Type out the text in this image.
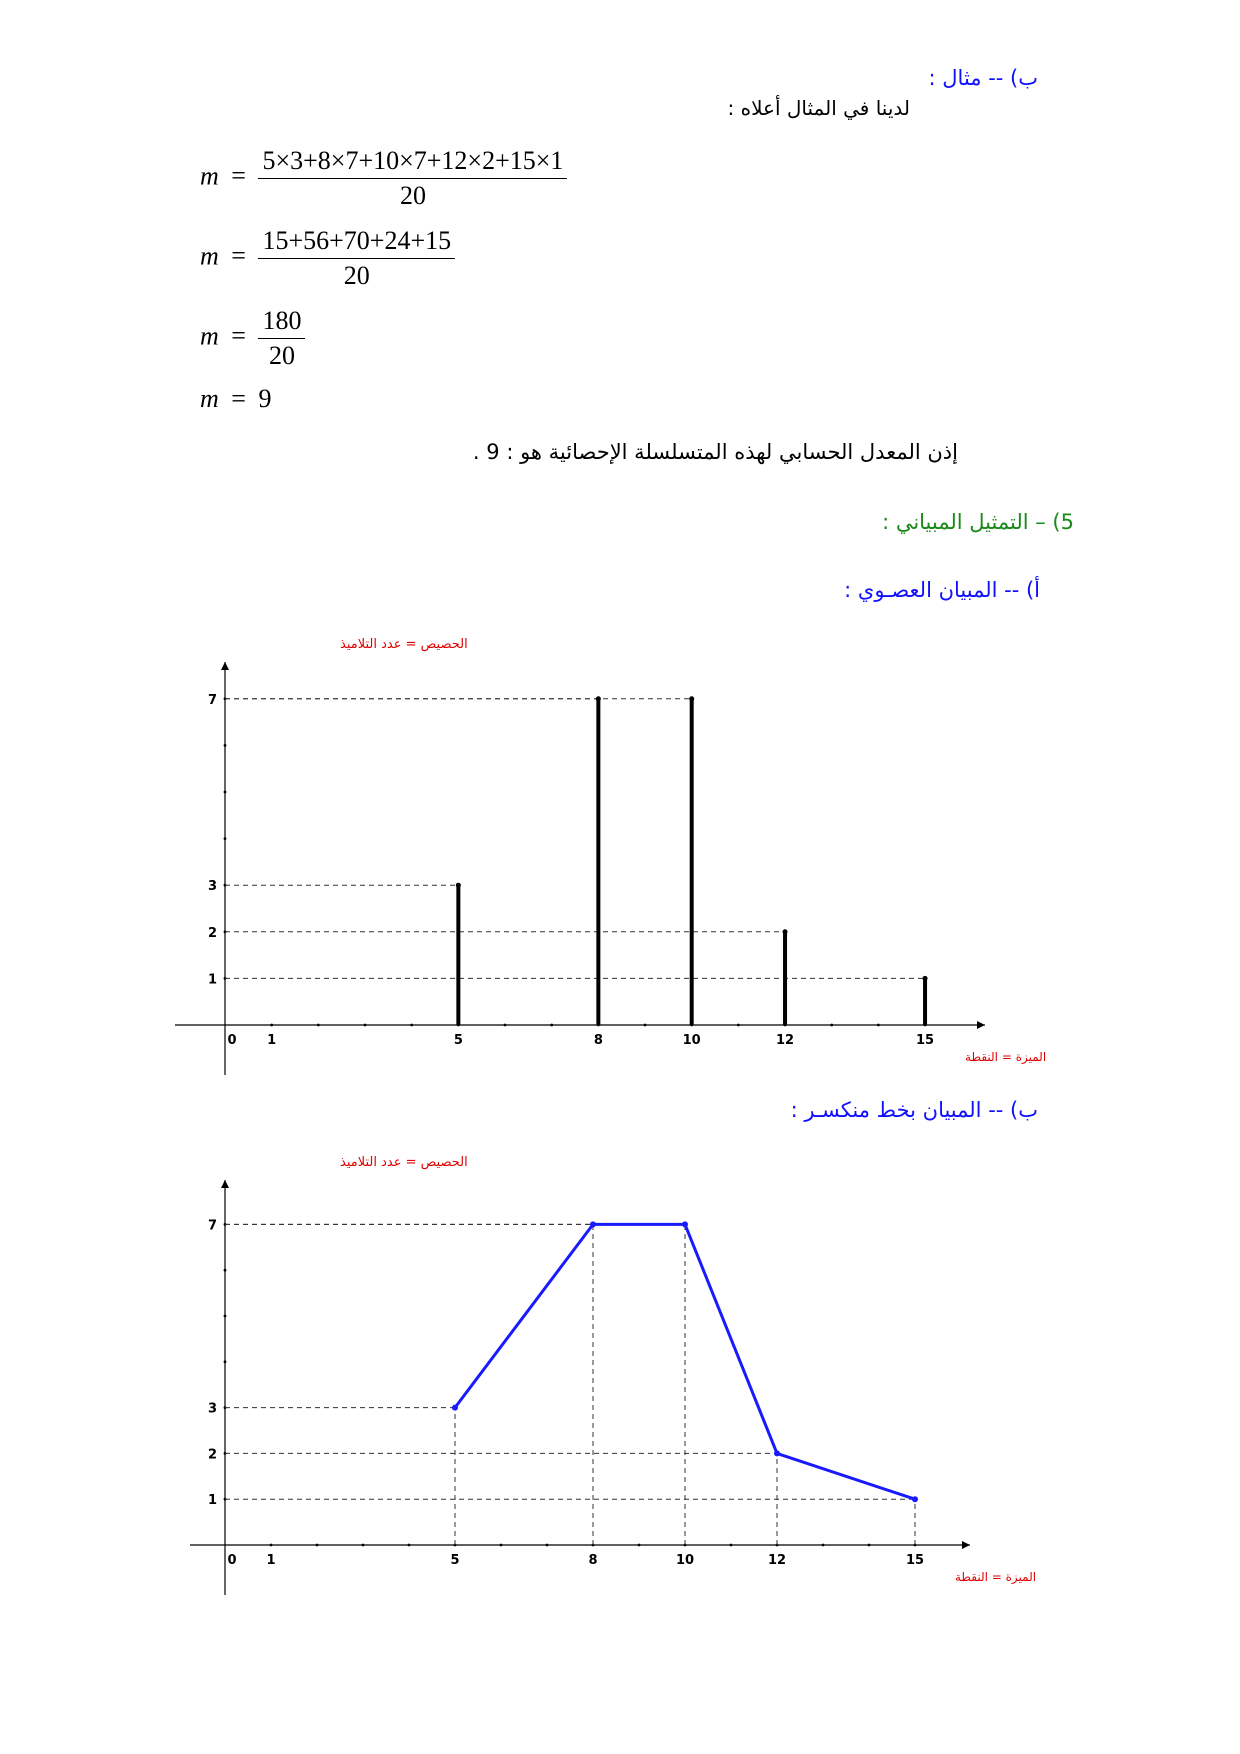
ب) -- مثال :
لدينا في المثال أعلاه :
$m = \frac{5\times 3+8\times 7+10\times 7+12\times 2+15\times 1}{20}$
$m = \frac{15+56+70+24+15}{20}$
$m = \frac{180}{20}$
m = 9
إذن المعدل الحسابي لهذه المتسلسلة الإحصائية هو : 9 .
5) – التمثيل المبياني :
أ) -- المبيان العصـوي :
0 1	5	8	10	12	15
1
2
3
7
الحصيص = عدد التلاميذ
الميزة = النقطة
ب) -- المبيان بخط منكسـر :
0 1	5	8	10	12	15
1
2
3
7
الحصيص = عدد التلاميذ
الميزة = النقطة
